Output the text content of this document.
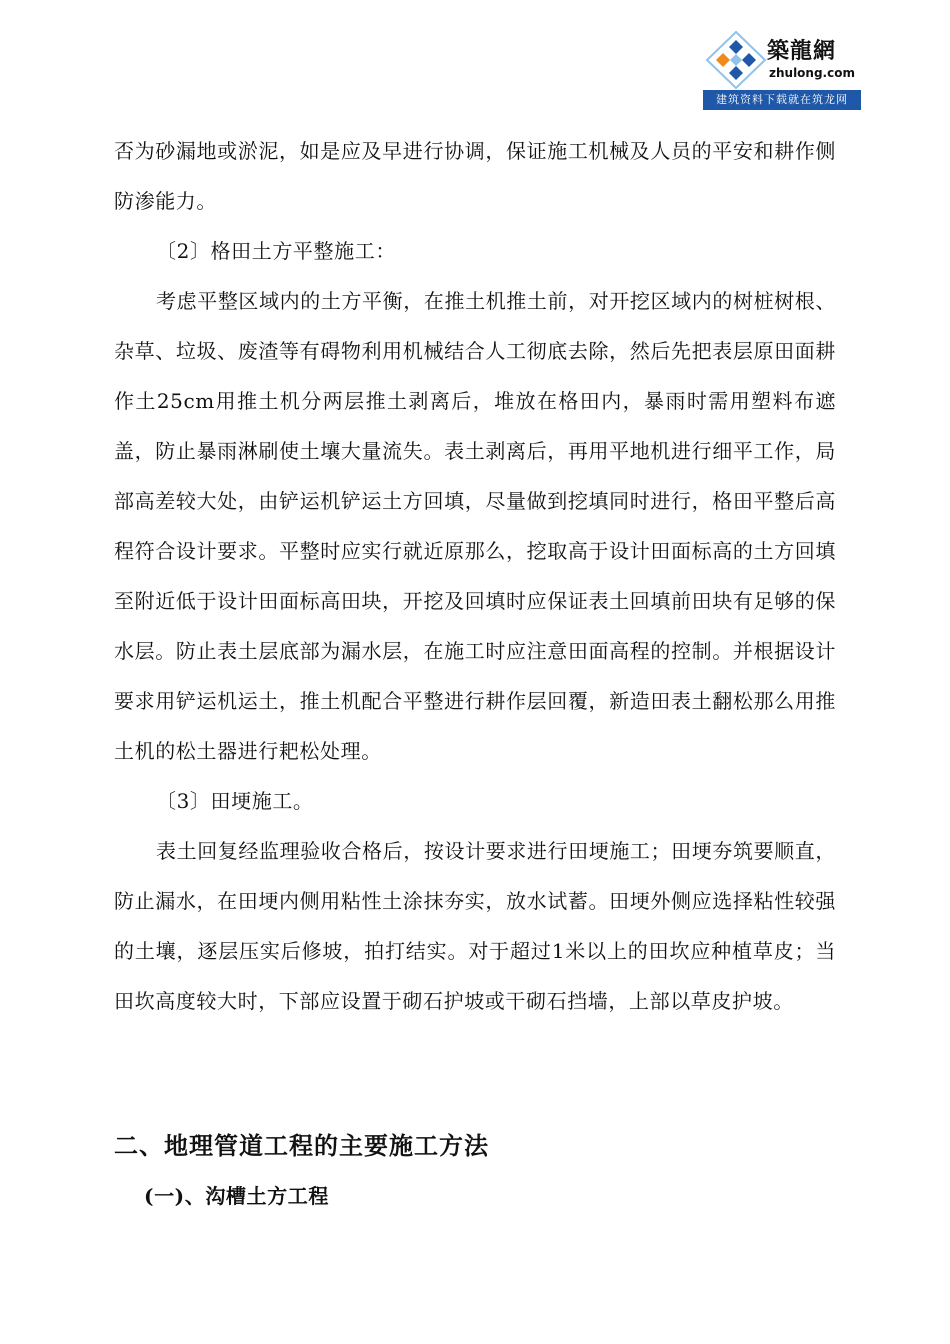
築龍網
zhulong.com
建筑资料下载就在筑龙网

否为砂漏地或淤泥，如是应及早进行协调，保证施工机械及人员的平安和耕作侧防渗能力。

〔2〕格田土方平整施工：

考虑平整区域内的土方平衡，在推土机推土前，对开挖区域内的树桩树根、杂草、垃圾、废渣等有碍物利用机械结合人工彻底去除，然后先把表层原田面耕作土25cm用推土机分两层推土剥离后，堆放在格田内，暴雨时需用塑料布遮盖，防止暴雨淋刷使土壤大量流失。表土剥离后，再用平地机进行细平工作，局部高差较大处，由铲运机铲运土方回填，尽量做到挖填同时进行，格田平整后高程符合设计要求。平整时应实行就近原那么，挖取高于设计田面标高的土方回填至附近低于设计田面标高田块，开挖及回填时应保证表土回填前田块有足够的保水层。防止表土层底部为漏水层，在施工时应注意田面高程的控制。并根据设计要求用铲运机运土，推土机配合平整进行耕作层回覆，新造田表土翻松那么用推土机的松土器进行耙松处理。

〔3〕田埂施工。

表土回复经监理验收合格后，按设计要求进行田埂施工；田埂夯筑要顺直，防止漏水，在田埂内侧用粘性土涂抹夯实，放水试蓄。田埂外侧应选择粘性较强的土壤，逐层压实后修坡，拍打结实。对于超过1米以上的田坎应种植草皮；当田坎高度较大时，下部应设置于砌石护坡或干砌石挡墙，上部以草皮护坡。

二、地理管道工程的主要施工方法
(一)、沟槽土方工程
